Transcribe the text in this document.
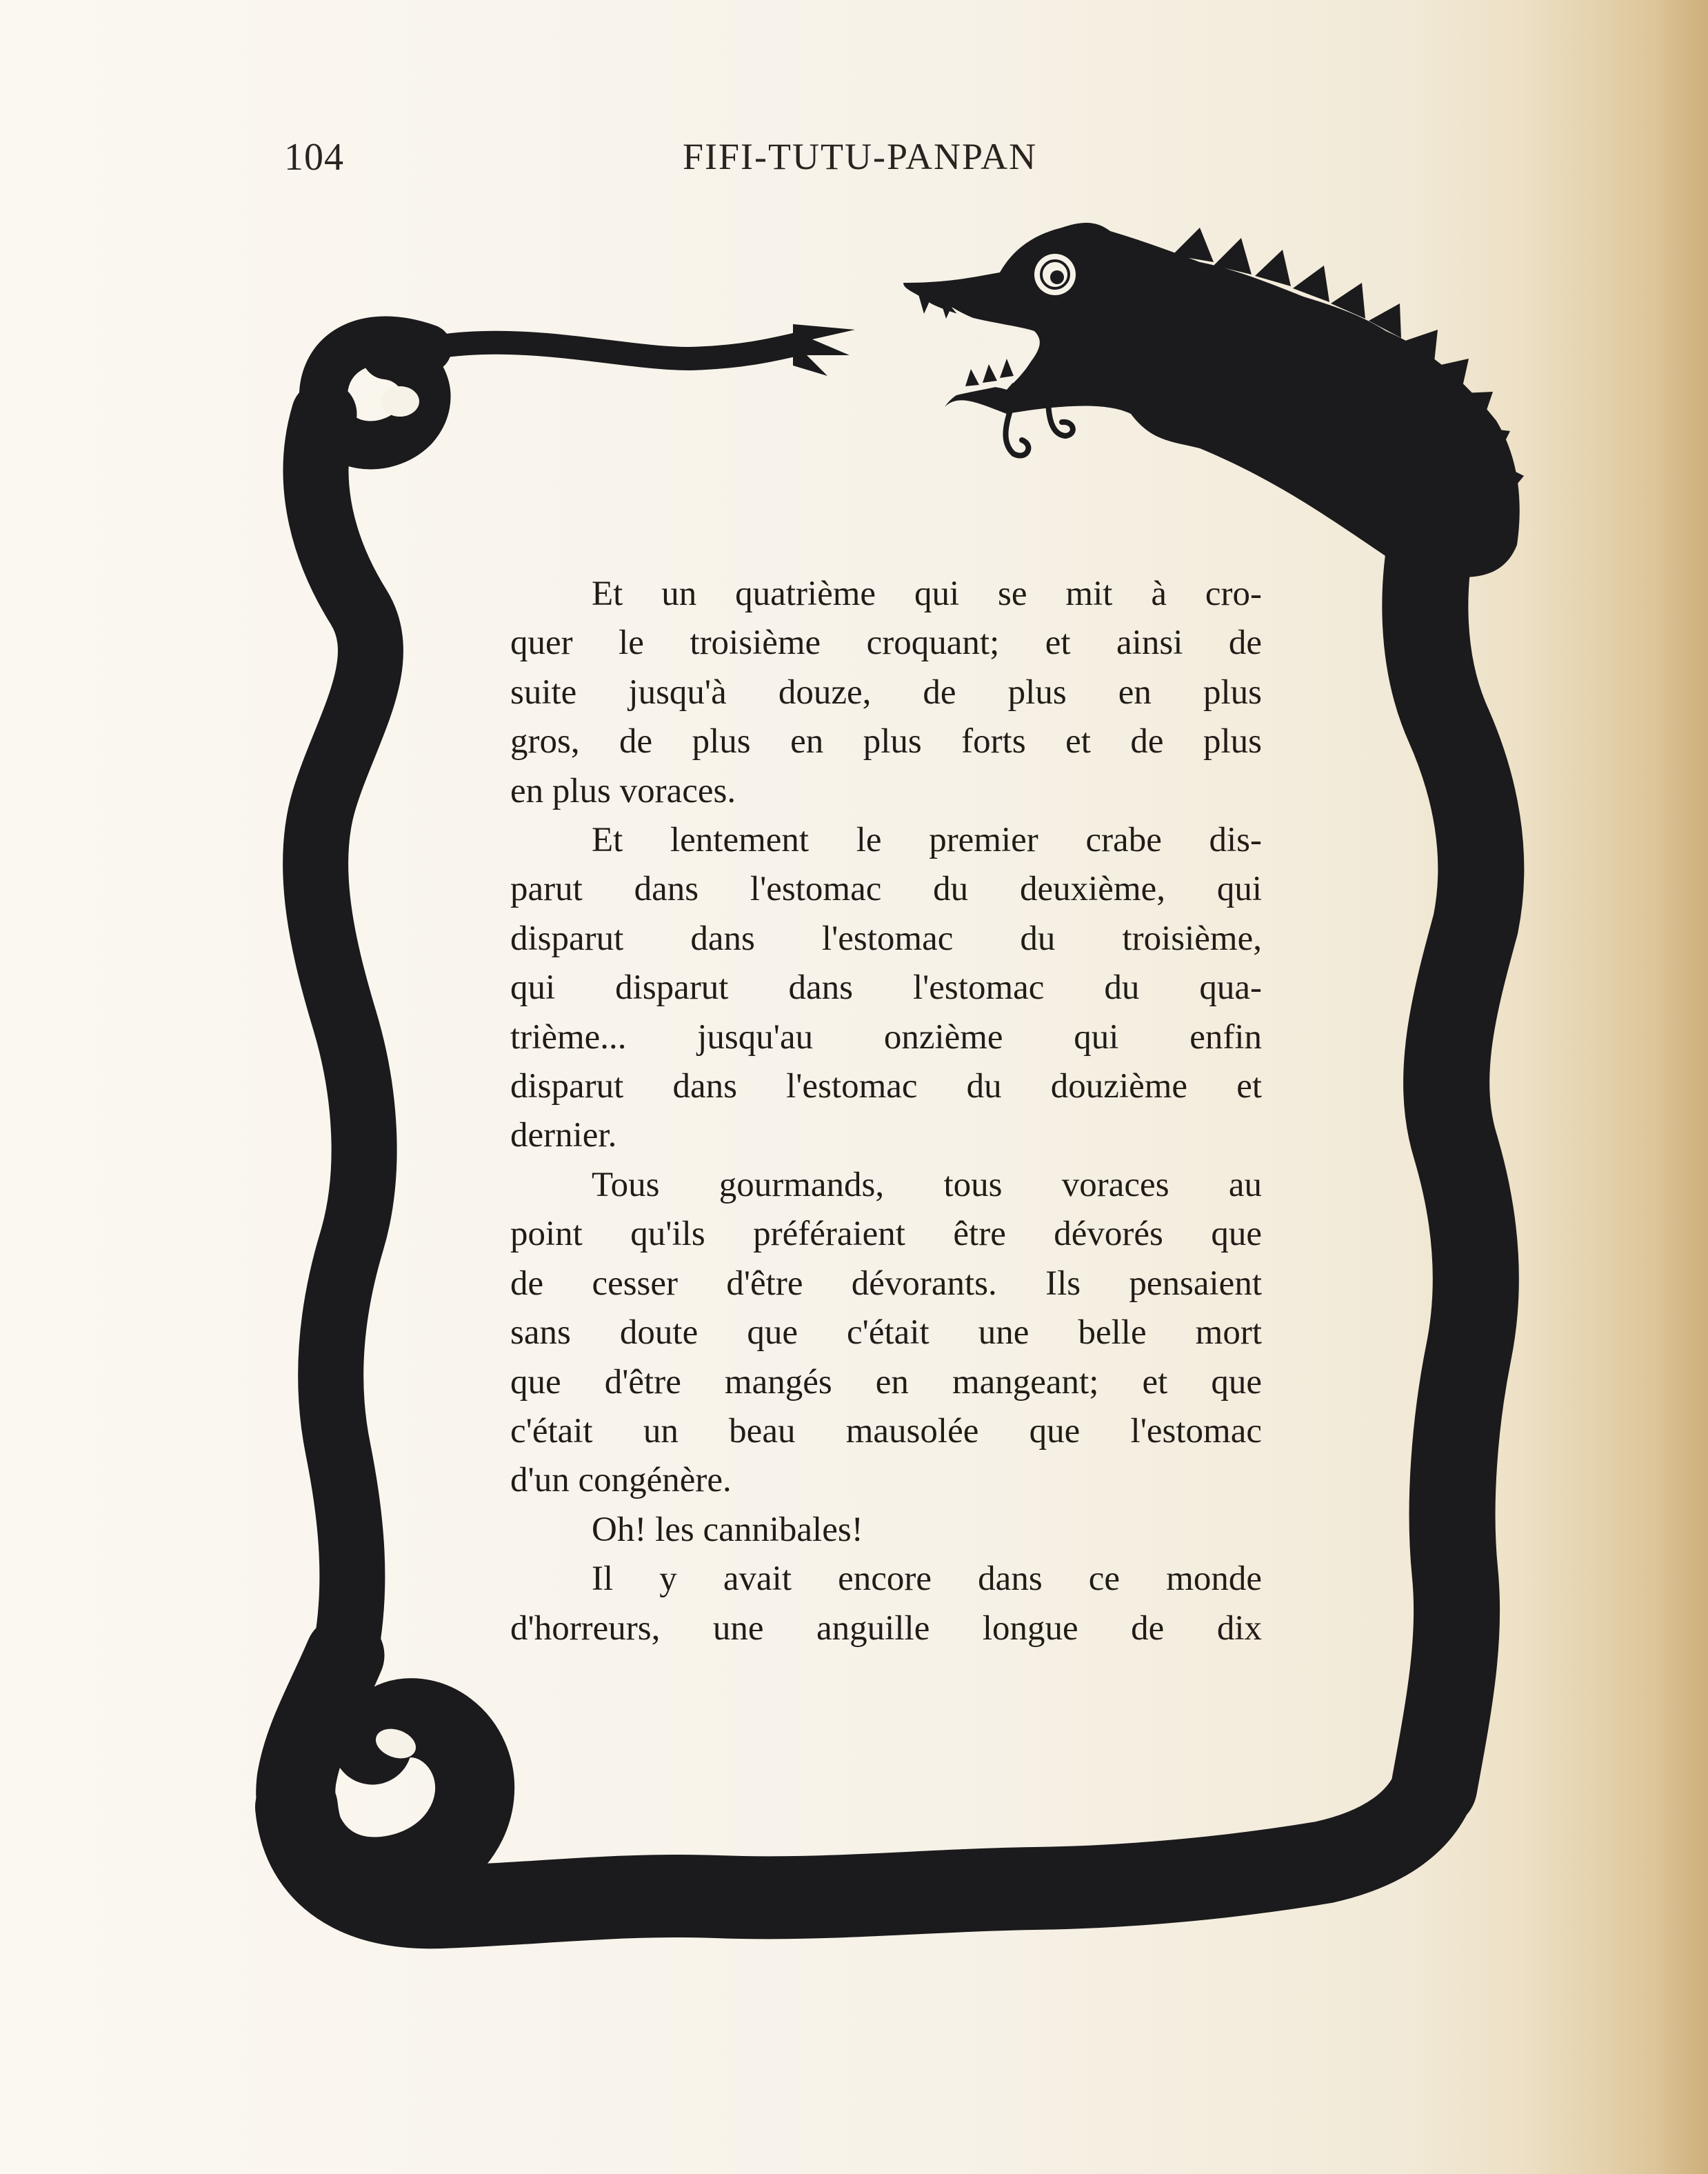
104	FIFI-TUTU-PANPAN
Et un quatrième qui se mit à cro-
quer le troisième croquant; et ainsi de
suite jusqu'à douze, de plus en plus
gros, de plus en plus forts et de plus
en plus voraces.
Et lentement le premier crabe dis-
parut dans l'estomac du deuxième, qui
disparut dans l'estomac du troisième,
qui disparut dans l'estomac du qua-
trième... jusqu'au onzième qui enfin
disparut dans l'estomac du douzième et
dernier.
Tous gourmands, tous voraces au
point qu'ils préféraient être dévorés que
de cesser d'être dévorants. Ils pensaient
sans doute que c'était une belle mort
que d'être mangés en mangeant; et que
c'était un beau mausolée que l'estomac
d'un congénère.
Oh! les cannibales!
Il y avait encore dans ce monde
d'horreurs, une anguille longue de dix
